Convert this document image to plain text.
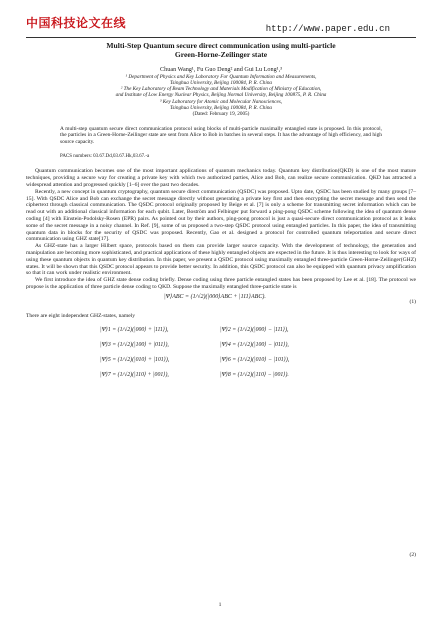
中国科技论文在线	http://www.paper.edu.cn
Multi-Step Quantum secure direct communication using multi-particle
Green-Horne-Zeilinger state
Chuan Wang¹, Fu Guo Deng² and Gui Lu Long¹,³
¹ Department of Physics and Key Laboratory For Quantum Information and Measurements,
Tsinghua University, Beijing 100084, P. R. China
² The Key Laboratory of Beam Technology and Materials Modification of Ministry of Education,
and Institute of Low Energy Nuclear Physics, Beijing Normal University, Beijing 100875, P. R. China
³ Key Laboratory for Atomic and Molecular Nanosciences,
Tsinghua University, Beijing 100084, P. R. China
(Dated: February 19, 2005)
A multi-step quantum secure direct communication protocol using blocks of multi-particle maximally entangled state is proposed. In this protocol, the particles in a Green-Horne-Zeilinger state are sent from Alice to Bob in batches in several steps. It has the advantage of high efficiency, and high source capacity.
PACS numbers: 03.67.Dd,03.67.Hk,03.67.-a

Quantum communication becomes one of the most important applications of quantum mechanics today. Quantum key distribution(QKD) is one of the most mature techniques, providing a secure way for creating a private key with which two authorized parties, Alice and Bob, can realize secure communication. QKD has attracted a widespread attention and progressed quickly [1–6] over the past two decades.

Recently, a new concept in quantum cryptography, quantum secure direct communication (QSDC) was proposed. Upto date, QSDC has been studied by many groups [7–15]. With QSDC Alice and Bob can exchange the secret message directly without generating a private key first and then encrypting the secret message and then send the ciphertext through classical communication. The QSDC protocol originally proposed by Beige et al. [7] is only a scheme for transmitting secret information which can be read out with an additional classical information for each qubit. Later, Boström and Felbinger put forward a ping-pong QSDC scheme following the idea of quantum dense coding [4] with Einstein-Podolsky-Rosen (EPR) pairs. As pointed out by their authors, ping-pong protocol is just a quasi-secure direct communication protocol as it leaks some of the secret message in a noisy channel. In Ref. [9], some of us proposed a two-step QSDC protocol using entangled particles. In this paper, the idea of transmitting quantum data in blocks for the security of QSDC was proposed. Recently, Gao et al. designed a protocol for controlled quantum teleportation and secure direct communication using GHZ state[17].

As GHZ-state has a larger Hilbert space, protocols based on them can provide larger source capacity. With the development of technology, the generation and manipulation are becoming more sophisticated, and practical applications of these highly entangled objects are expected in the future. It is thus interesting to look for ways of using these quantum objects in quantum key distribution. In this paper, we present a QSDC protocol using maximally entangled three-particle Green-Horne-Zeilinger(GHZ) states. It will be shown that this QSDC protocol appears to provide better security. In addition, this QSDC protocol can also be equipped with quantum privacy amplification so that it can work under realistic environment.

We first introduce the idea of GHZ state dense coding briefly. Dense coding using three particle entangled states has been proposed by Lee et al. [18]. The protocol we propose is the application of three particle dense coding to QKD. Suppose the maximally entangled three-particle state is

|Ψ⟩ABC = (1/√2)(|000⟩ABC + |111⟩ABC).
(1)
There are eight independent GHZ-states, namely
|Ψ⟩1 = (1/√2)(|000⟩ + |111⟩),	|Ψ⟩2 = (1/√2)(|000⟩ − |111⟩),
|Ψ⟩3 = (1/√2)(|100⟩ + |011⟩),	|Ψ⟩4 = (1/√2)(|100⟩ − |011⟩),
|Ψ⟩5 = (1/√2)(|010⟩ + |101⟩),	|Ψ⟩6 = (1/√2)(|010⟩ − |101⟩),
|Ψ⟩7 = (1/√2)(|110⟩ + |001⟩),	|Ψ⟩8 = (1/√2)(|110⟩ − |001⟩).
(2)
1
